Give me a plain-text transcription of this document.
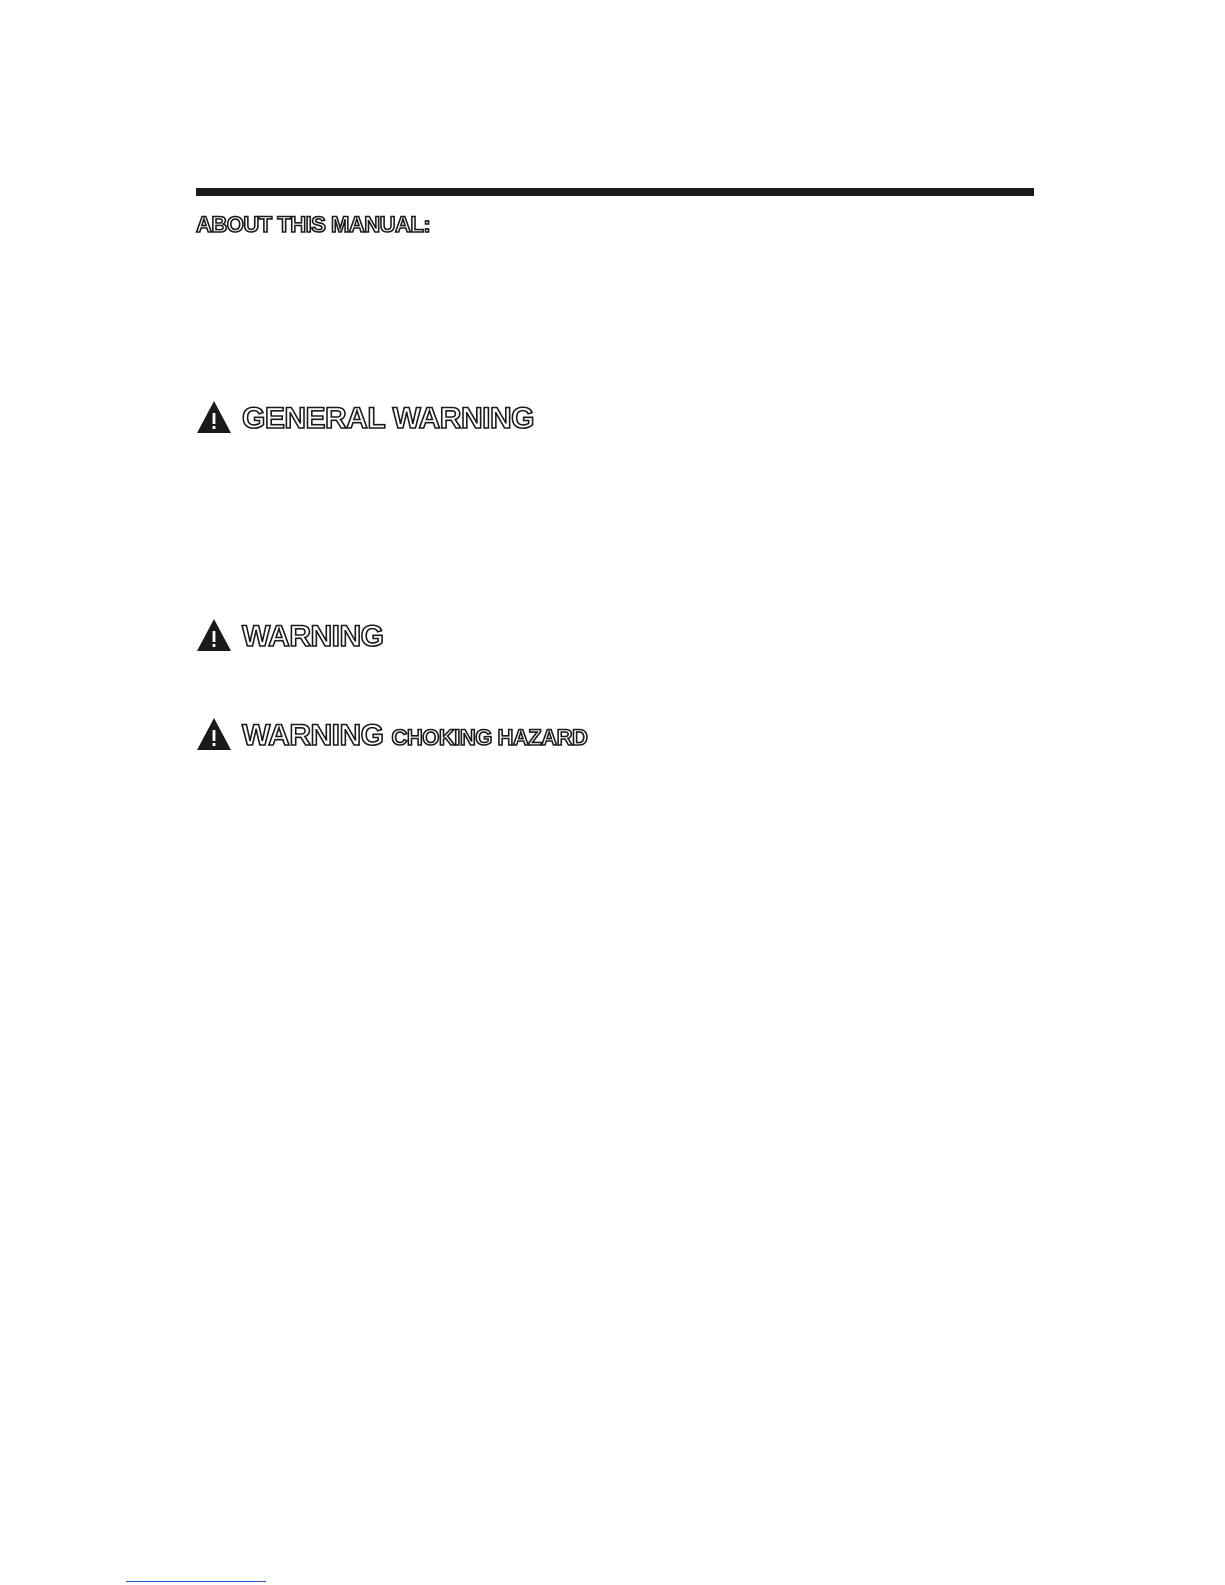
ABOUT THIS MANUAL:
GENERAL WARNING
WARNING
WARNING CHOKING HAZARD
